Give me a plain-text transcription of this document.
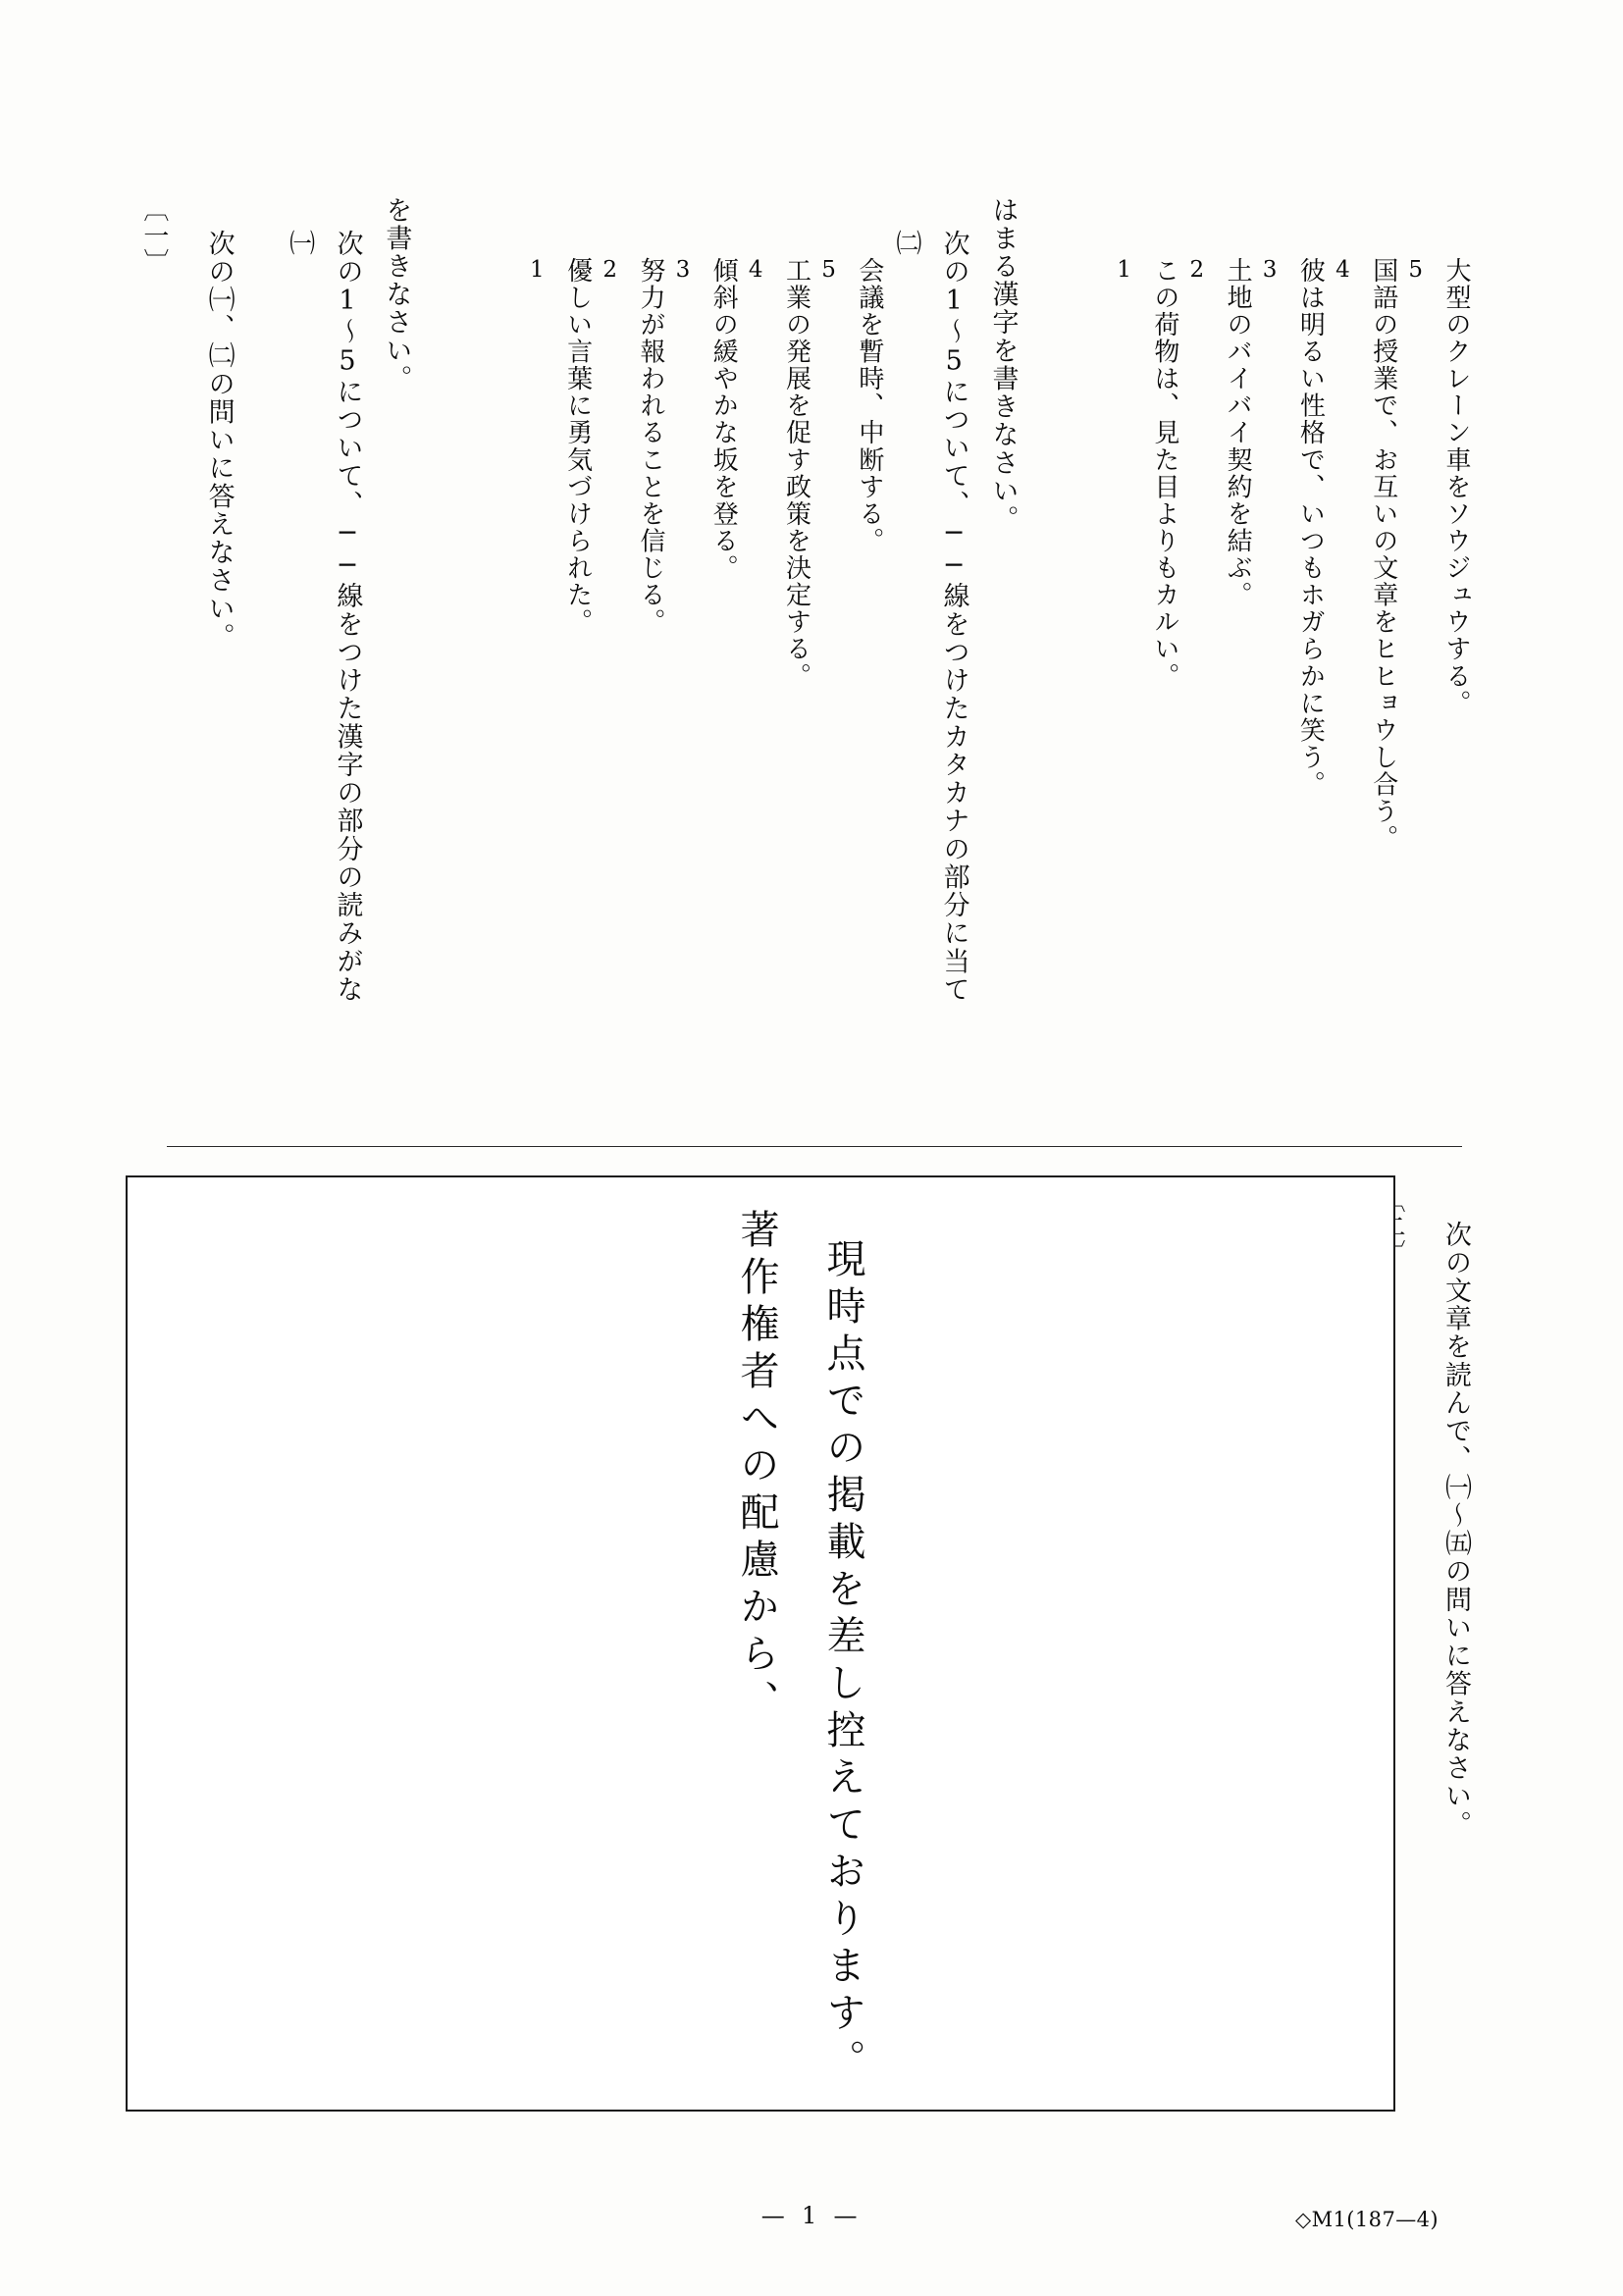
1 この荷物は、見た目よりもカルい。 2 土地のバイバイ契約を結ぶ。 3 彼は明るい性格で、いつもホガらかに笑う。 4 国語の授業で、お互いの文章をヒヒョウし合う。 5 大型のクレーン車をソウジュウする。
㈡ 次の1〜5について、──線をつけたカタカナの部分に当て はまる漢字を書きなさい。
1 優しい言葉に勇気づけられた。 2 努力が報われることを信じる。 3 傾斜の緩やかな坂を登る。 4 工業の発展を促す政策を決定する。 5 会議を暫時、中断する。
㈠ 次の1〜5について、──線をつけた漢字の部分の読みがな を書きなさい。
〔一〕 次の㈠、㈡の問いに答えなさい。
次の文章を読んで、㈠〜㈤の問いに答えなさい。
著作権者への配慮から、 現時点での掲載を差し控えております。
— 1 —	◇M1(187—4)
